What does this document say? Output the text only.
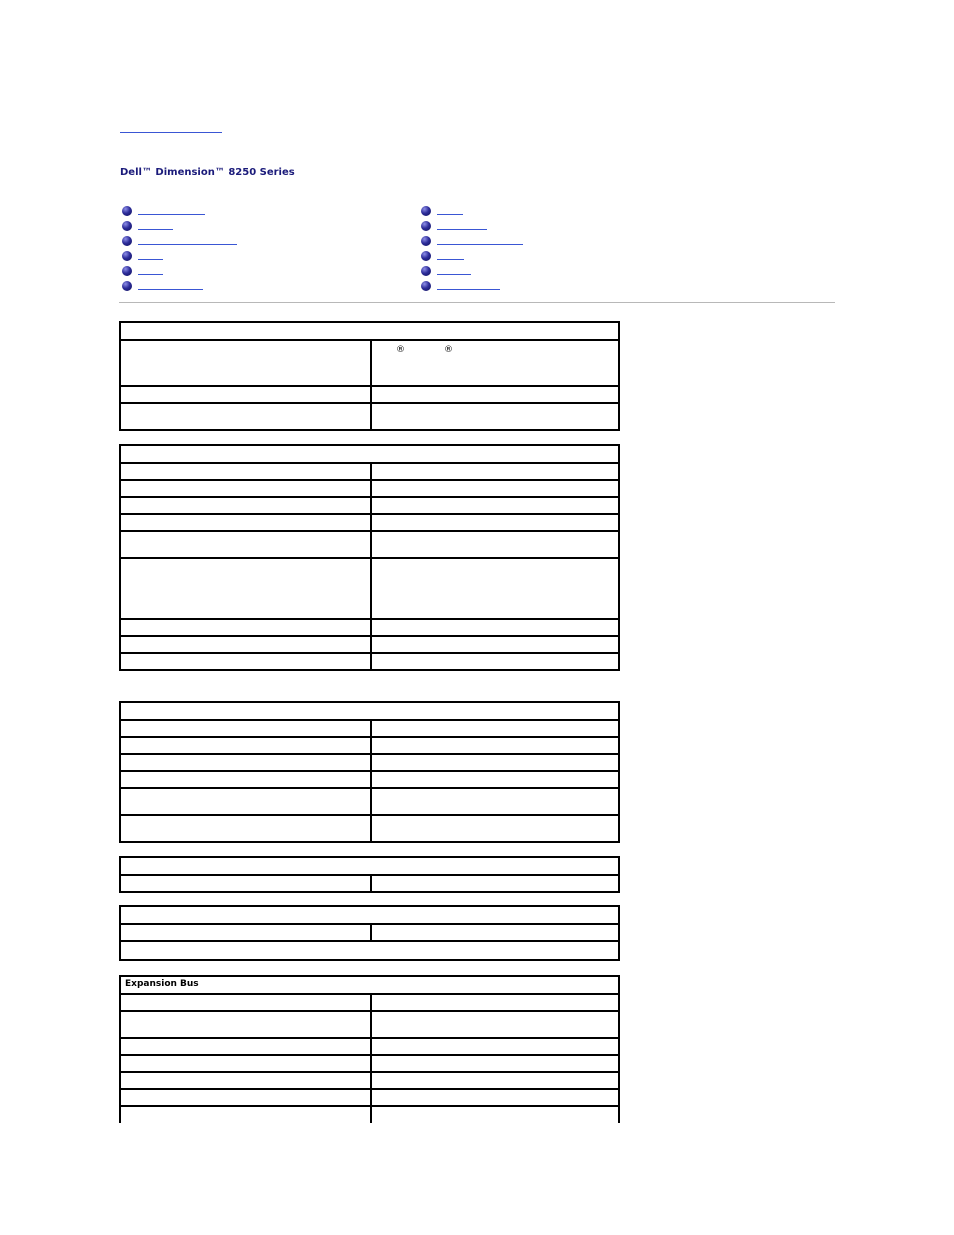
Dell™ Dimension™ 8250 Series

	® ®

Expansion Bus	
